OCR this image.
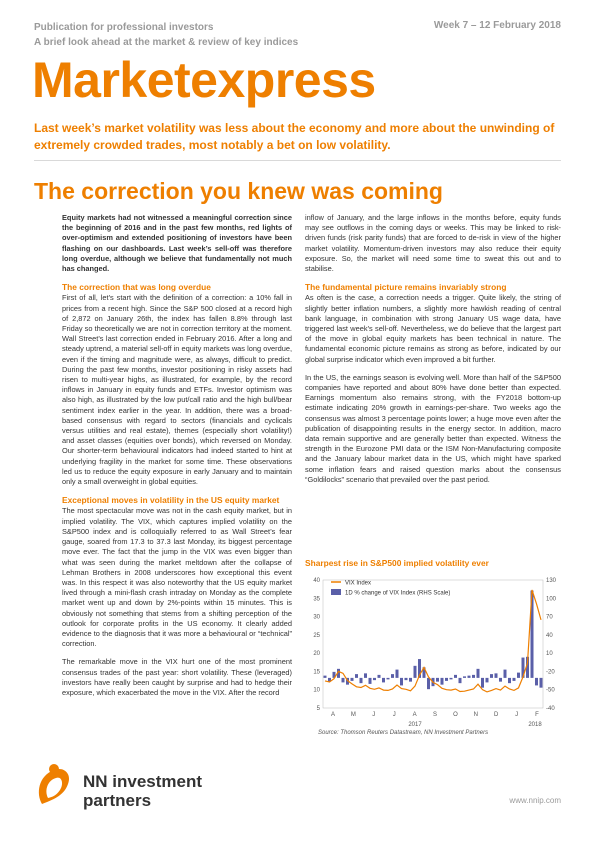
Publication for professional investors
A brief look ahead at the market & review of key indices
Week 7 – 12 February 2018
Marketexpress
Last week’s market volatility was less about the economy and more about the unwinding of extremely crowded trades, most notably a bet on low volatility.
The correction you knew was coming

Equity markets had not witnessed a meaningful correction since the beginning of 2016 and in the past few months, red lights of over-optimism and extended positioning of investors have been flashing on our dashboards. Last week’s sell-off was therefore long overdue, although we believe that fundamentally not much has changed.

The correction that was long overdue

First of all, let’s start with the definition of a correction: a 10% fall in prices from a recent high. Since the S&P 500 closed at a record high of 2,872 on January 26th, the index has fallen 8.8% through last Friday so theoretically we are not in correction territory at the moment. Wall Street’s last correction ended in February 2016. After a long and steady uptrend, a material sell-off in equity markets was long overdue, even if the timing and magnitude were, as always, difficult to predict. During the past few months, investor positioning in risky assets had risen to multi-year highs, as illustrated, for example, by the record inflows in January in equity funds and ETFs. Investor optimism was also high, as illustrated by the low put/call ratio and the high bull/bear sentiment index earlier in the year. In addition, there was a broad-based consensus with regard to sectors (financials and cyclicals versus utilities and real estate), themes (especially short volatility!) and asset classes (equities over bonds), which reversed on Monday. Our shorter-term behavioural indicators had indeed started to hint at underlying fragility in the market for some time. These observations led us to reduce the equity exposure in early January and to maintain only a small overweight in global equities.

Exceptional moves in volatility in the US equity market

The most spectacular move was not in the cash equity market, but in implied volatility. The VIX, which captures implied volatility on the S&P500 index and is colloquially referred to as Wall Street’s fear gauge, soared from 17.3 to 37.3 last Monday, its biggest percentage move ever. The fact that the jump in the VIX was even bigger than what was seen during the market meltdown after the collapse of Lehman Brothers in 2008 underscores how exceptional this event was. In this respect it was also noteworthy that the US equity market lived through a mini-flash crash intraday on Monday as the complete market went up and down by 2%-points within 15 minutes. This is obviously not something that stems from a shifting perception of the outlook for corporate profits in the US economy. It clearly added evidence to the diagnosis that it was more a behavioural or “technical” correction.

The remarkable move in the VIX hurt one of the most prominent consensus trades of the past year: short volatility. These (leveraged) investors have really been caught by surprise and had to hedge their exposure, which exacerbated the move in the VIX. After the record

inflow of January, and the large inflows in the months before, equity funds may see outflows in the coming days or weeks. This may be linked to risk-driven funds (risk parity funds) that are forced to de-risk in view of the higher market volatility. Momentum-driven investors may also reduce their equity exposure. So, the market will need some time to sweat this out and to stabilise.

The fundamental picture remains invariably strong

As often is the case, a correction needs a trigger. Quite likely, the string of slightly better inflation numbers, a slightly more hawkish reading of central bank language, in combination with strong January US wage data, have triggered last week’s sell-off. Nevertheless, we do believe that the largest part of the move in global equity markets has been technical in nature. The fundamental economic picture remains as strong as before, indicated by our global surprise indicator which even improved a bit further.

In the US, the earnings season is evolving well. More than half of the S&P500 companies have reported and about 80% have done better than expected. Earnings momentum also remains strong, with the FY2018 bottom-up estimate indicating 20% growth in earnings-per-share. Two weeks ago the consensus was almost 3 percentage points lower; a huge move even after the publication of disappointing results in the energy sector. In addition, macro data remain supportive and are generally better than expected. Witness the strength in the Eurozone PMI data or the ISM Non-Manufacturing composite and the January labour market data in the US, which might have sparked some inflation fears and raised question marks about the consensus “Goldilocks” scenario that prevailed over the past period.

Sharpest rise in S&P500 implied volatility ever
40	130
35	100
30	70
25	40
20	10
15	-20
10	-50
5	-40
A	M	J	J	A	S	O	N	D	J	F
2017	2018
VIX Index
1D % change of VIX Index (RHS Scale)
Source: Thomson Reuters Datastream, NN Investment Partners
NN investment
partners	www.nnip.com
